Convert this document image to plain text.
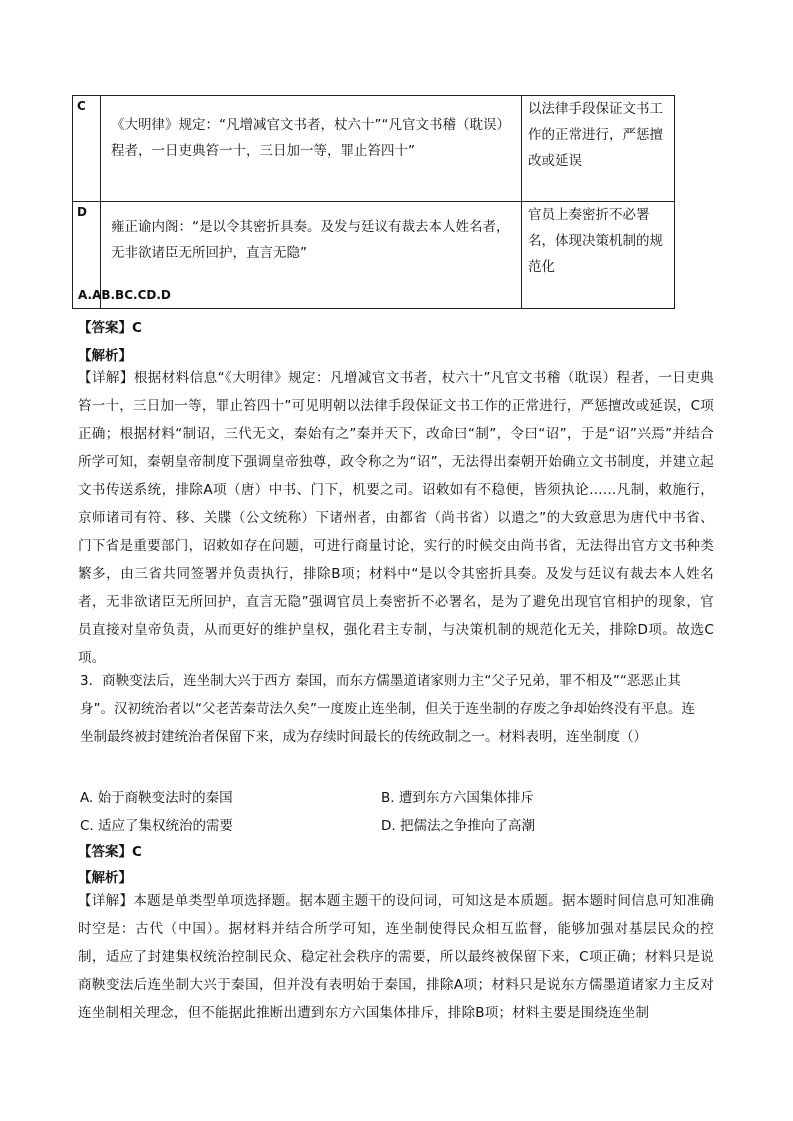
C	《大明律》规定：“凡增减官文书者，杖六十”“凡官文书稽（耽误）程者，一日吏典笞一十，三日加一等，罪止笞四十”	以法律手段保证文书工作的正常进行，严惩擅改或延误
D	雍正谕内阁：“是以令其密折具奏。及发与廷议有裁去本人姓名者，无非欲诸臣无所回护，直言无隐”	官员上奏密折不必署名，体现决策机制的规范化
A.AB.BC.CD.D
【答案】C
【解析】
【详解】根据材料信息“《大明律》规定：凡增减官文书者，杖六十”凡官文书稽（耽误）程者，一日吏典笞一十，三日加一等，罪止笞四十”可见明朝以法律手段保证文书工作的正常进行，严惩擅改或延误，C项正确；根据材料“制诏，三代无文，秦始有之”秦并天下，改命曰“制”，令曰“诏”，于是“诏”兴焉”并结合所学可知，秦朝皇帝制度下强调皇帝独尊，政令称之为“诏”，无法得出秦朝开始确立文书制度，并建立起文书传送系统，排除A项（唐）中书、门下，机要之司。诏敕如有不稳便，皆须执论……凡制，敕施行，京师诸司有符、移、关牒（公文统称）下诸州者，由都省（尚书省）以遣之”的大致意思为唐代中书省、门下省是重要部门，诏敕如存在问题，可进行商量讨论，实行的时候交由尚书省，无法得出官方文书种类繁多，由三省共同签署并负责执行，排除B项；材料中“是以令其密折具奏。及发与廷议有裁去本人姓名者，无非欲诸臣无所回护，直言无隐”强调官员上奏密折不必署名，是为了避免出现官官相护的现象，官员直接对皇帝负责，从而更好的维护皇权，强化君主专制，与决策机制的规范化无关，排除D项。故选C项。
3．商鞅变法后，连坐制大兴于西方 秦国，而东方儒墨道诸家则力主“父子兄弟，罪不相及”“恶恶止其身”。汉初统治者以“父老苦秦苛法久矣”一度废止连坐制，但关于连坐制的存废之争却始终没有平息。连坐制最终被封建统治者保留下来，成为存续时间最长的传统政制之一。材料表明，连坐制度（）
A. 始于商鞅变法时的秦国	B. 遭到东方六国集体排斥
C. 适应了集权统治的需要	D. 把儒法之争推向了高潮
【答案】C
【解析】
【详解】本题是单类型单项选择题。据本题主题干的设问词，可知这是本质题。据本题时间信息可知准确时空是：古代（中国）。据材料并结合所学可知，连坐制使得民众相互监督，能够加强对基层民众的控制，适应了封建集权统治控制民众、稳定社会秩序的需要，所以最终被保留下来，C项正确；材料只是说商鞅变法后连坐制大兴于秦国，但并没有表明始于秦国，排除A项；材料只是说东方儒墨道诸家力主反对连坐制相关理念，但不能据此推断出遭到东方六国集体排斥，排除B项；材料主要是围绕连坐制
